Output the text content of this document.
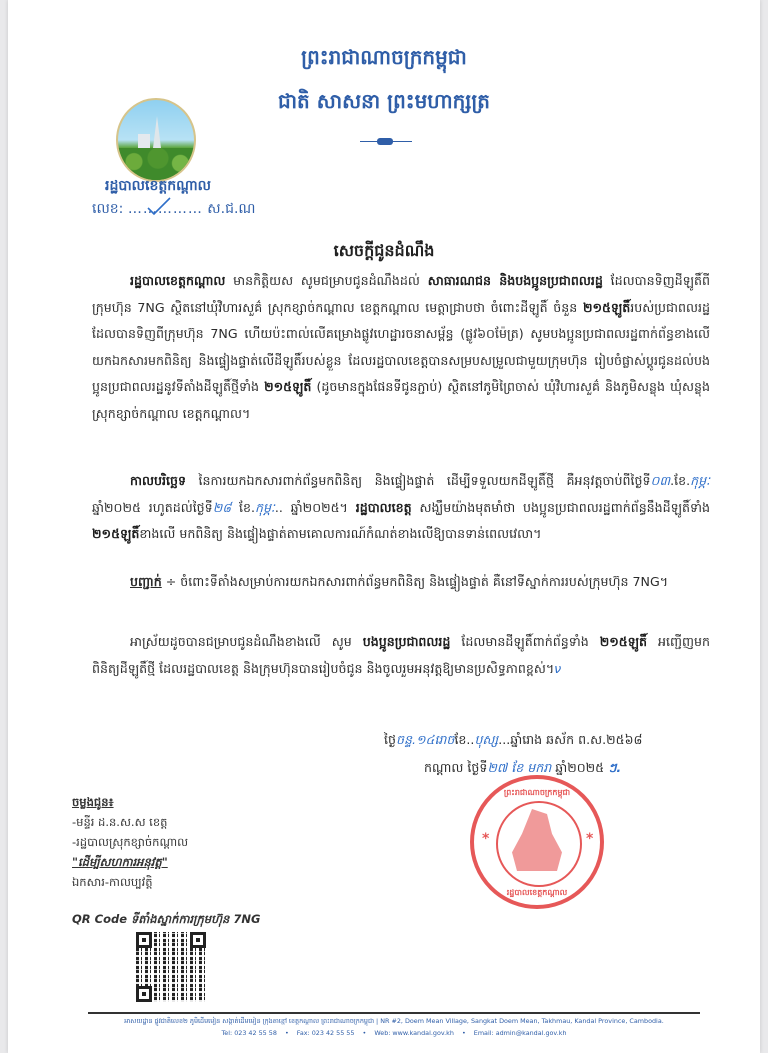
ព្រះរាជាណាចក្រកម្ពុជា
ជាតិ សាសនា ព្រះមហាក្សត្រ
រដ្ឋបាលខេត្តកណ្ដាល
លេខ: …………… ស.ជ.ណ
សេចក្ដីជូនដំណឹង
រដ្ឋបាលខេត្តកណ្ដាល មានកិត្តិយស សូមជម្រាបជូនដំណឹងដល់ សាធារណជន និងបងប្អូនប្រជាពលរដ្ឋ ដែលបានទិញដីឡូតិ៍ពីក្រុមហ៊ុន 7NG ស្ថិតនៅឃុំវិហារសួគ៌ ស្រុកខ្សាច់កណ្ដាល ខេត្តកណ្ដាល មេត្តាជ្រាបថា ចំពោះដីឡូតិ៍ ចំនួន ២១៥ឡូតិ៍របស់ប្រជាពលរដ្ឋ ដែលបានទិញពីក្រុមហ៊ុន 7NG ហើយប៉ះពាល់លើគម្រោងផ្លូវហេដ្ឋារចនាសម្ព័ន្ធ (ផ្លូវ៦០ម៉ែត្រ) សូមបងប្អូនប្រជាពលរដ្ឋពាក់ព័ន្ធខាងលើ យកឯកសារមកពិនិត្យ និងផ្ទៀងផ្ទាត់លើដីឡូតិ៍របស់ខ្លួន ដែលរដ្ឋបាលខេត្តបានសម្របសម្រួលជាមួយក្រុមហ៊ុន រៀបចំផ្លាស់ប្ដូរជូនដល់បងប្អូនប្រជាពលរដ្ឋនូវទីតាំងដីឡូតិ៍ថ្មីទាំង ២១៥ឡូតិ៍ (ដូចមានក្នុងផែនទីជូនភ្ជាប់) ស្ថិតនៅភូមិព្រៃចាស់ ឃុំវិហារសួគ៌ និងភូមិសន្លុង ឃុំសន្លុង ស្រុកខ្សាច់កណ្ដាល ខេត្តកណ្ដាល។
កាលបរិច្ឆេទ នៃការយកឯកសារពាក់ព័ន្ធមកពិនិត្យ និងផ្ទៀងផ្ទាត់ ដើម្បីទទួលយកដីឡូតិ៍ថ្មី គឺអនុវត្តចាប់ពីថ្ងៃទី០៣.ខែ.កុម្ភៈ ឆ្នាំ២០២៥ រហូតដល់ថ្ងៃទី២៨ ខែ.កុម្ភៈ.. ឆ្នាំ២០២៥។ រដ្ឋបាលខេត្ត សង្ឃឹមយ៉ាងមុតមាំថា បងប្អូនប្រជាពលរដ្ឋពាក់ព័ន្ធនឹងដីឡូតិ៍ទាំង ២១៥ឡូតិ៍ខាងលើ មកពិនិត្យ និងផ្ទៀងផ្ទាត់តាមគោលការណ៍កំណត់ខាងលើឱ្យបានទាន់ពេលវេលា។
បញ្ជាក់ ÷ ចំពោះទីតាំងសម្រាប់ការយកឯកសារពាក់ព័ន្ធមកពិនិត្យ និងផ្ទៀងផ្ទាត់ គឺនៅទីស្នាក់ការរបស់ក្រុមហ៊ុន 7NG។
អាស្រ័យដូចបានជម្រាបជូនដំណឹងខាងលើ សូម បងប្អូនប្រជាពលរដ្ឋ ដែលមានដីឡូតិ៍ពាក់ព័ន្ធទាំង ២១៥ឡូតិ៍ អញ្ជើញមកពិនិត្យដីឡូតិ៍ថ្មី ដែលរដ្ឋបាលខេត្ត និងក្រុមហ៊ុនបានរៀបចំជូន និងចូលរួមអនុវត្តឱ្យមានប្រសិទ្ធភាពខ្ពស់។ν
ថ្ងៃចន្ទ.១៤រោចខែ..បុស្ស...ឆ្នាំរោង ឆស័ក ព.ស.២៥៦៨
កណ្ដាល ថ្ងៃទី២៧ ខែ មករា ឆ្នាំ២០២៥ ៗ.
ព្រះរាជាណាចក្រកម្ពុជា
*	*
រដ្ឋបាលខេត្តកណ្ដាល
ចម្លងជូន៖
-មន្ទីរ ដ.ន.ស.ស ខេត្ត
-រដ្ឋបាលស្រុកខ្សាច់កណ្ដាល
"ដើម្បីសហការអនុវត្ត"
ឯកសារ-កាលប្បវត្តិ
QR Code ទីតាំងស្នាក់ការក្រុមហ៊ុន 7NG
អាសយដ្ឋាន ផ្លូវជាតិលេខ២ ភូមិដើមមៀន សង្កាត់ដើមមៀន ក្រុងតាខ្មៅ ខេត្តកណ្ដាល ព្រះរាជាណាចក្រកម្ពុជា | NR #2, Doem Mean Village, Sangkat Doem Mean, Takhmau, Kandal Province, Cambodia.
Tel: 023 42 55 58 • Fax: 023 42 55 55 • Web: www.kandal.gov.kh • Email: admin@kandal.gov.kh
